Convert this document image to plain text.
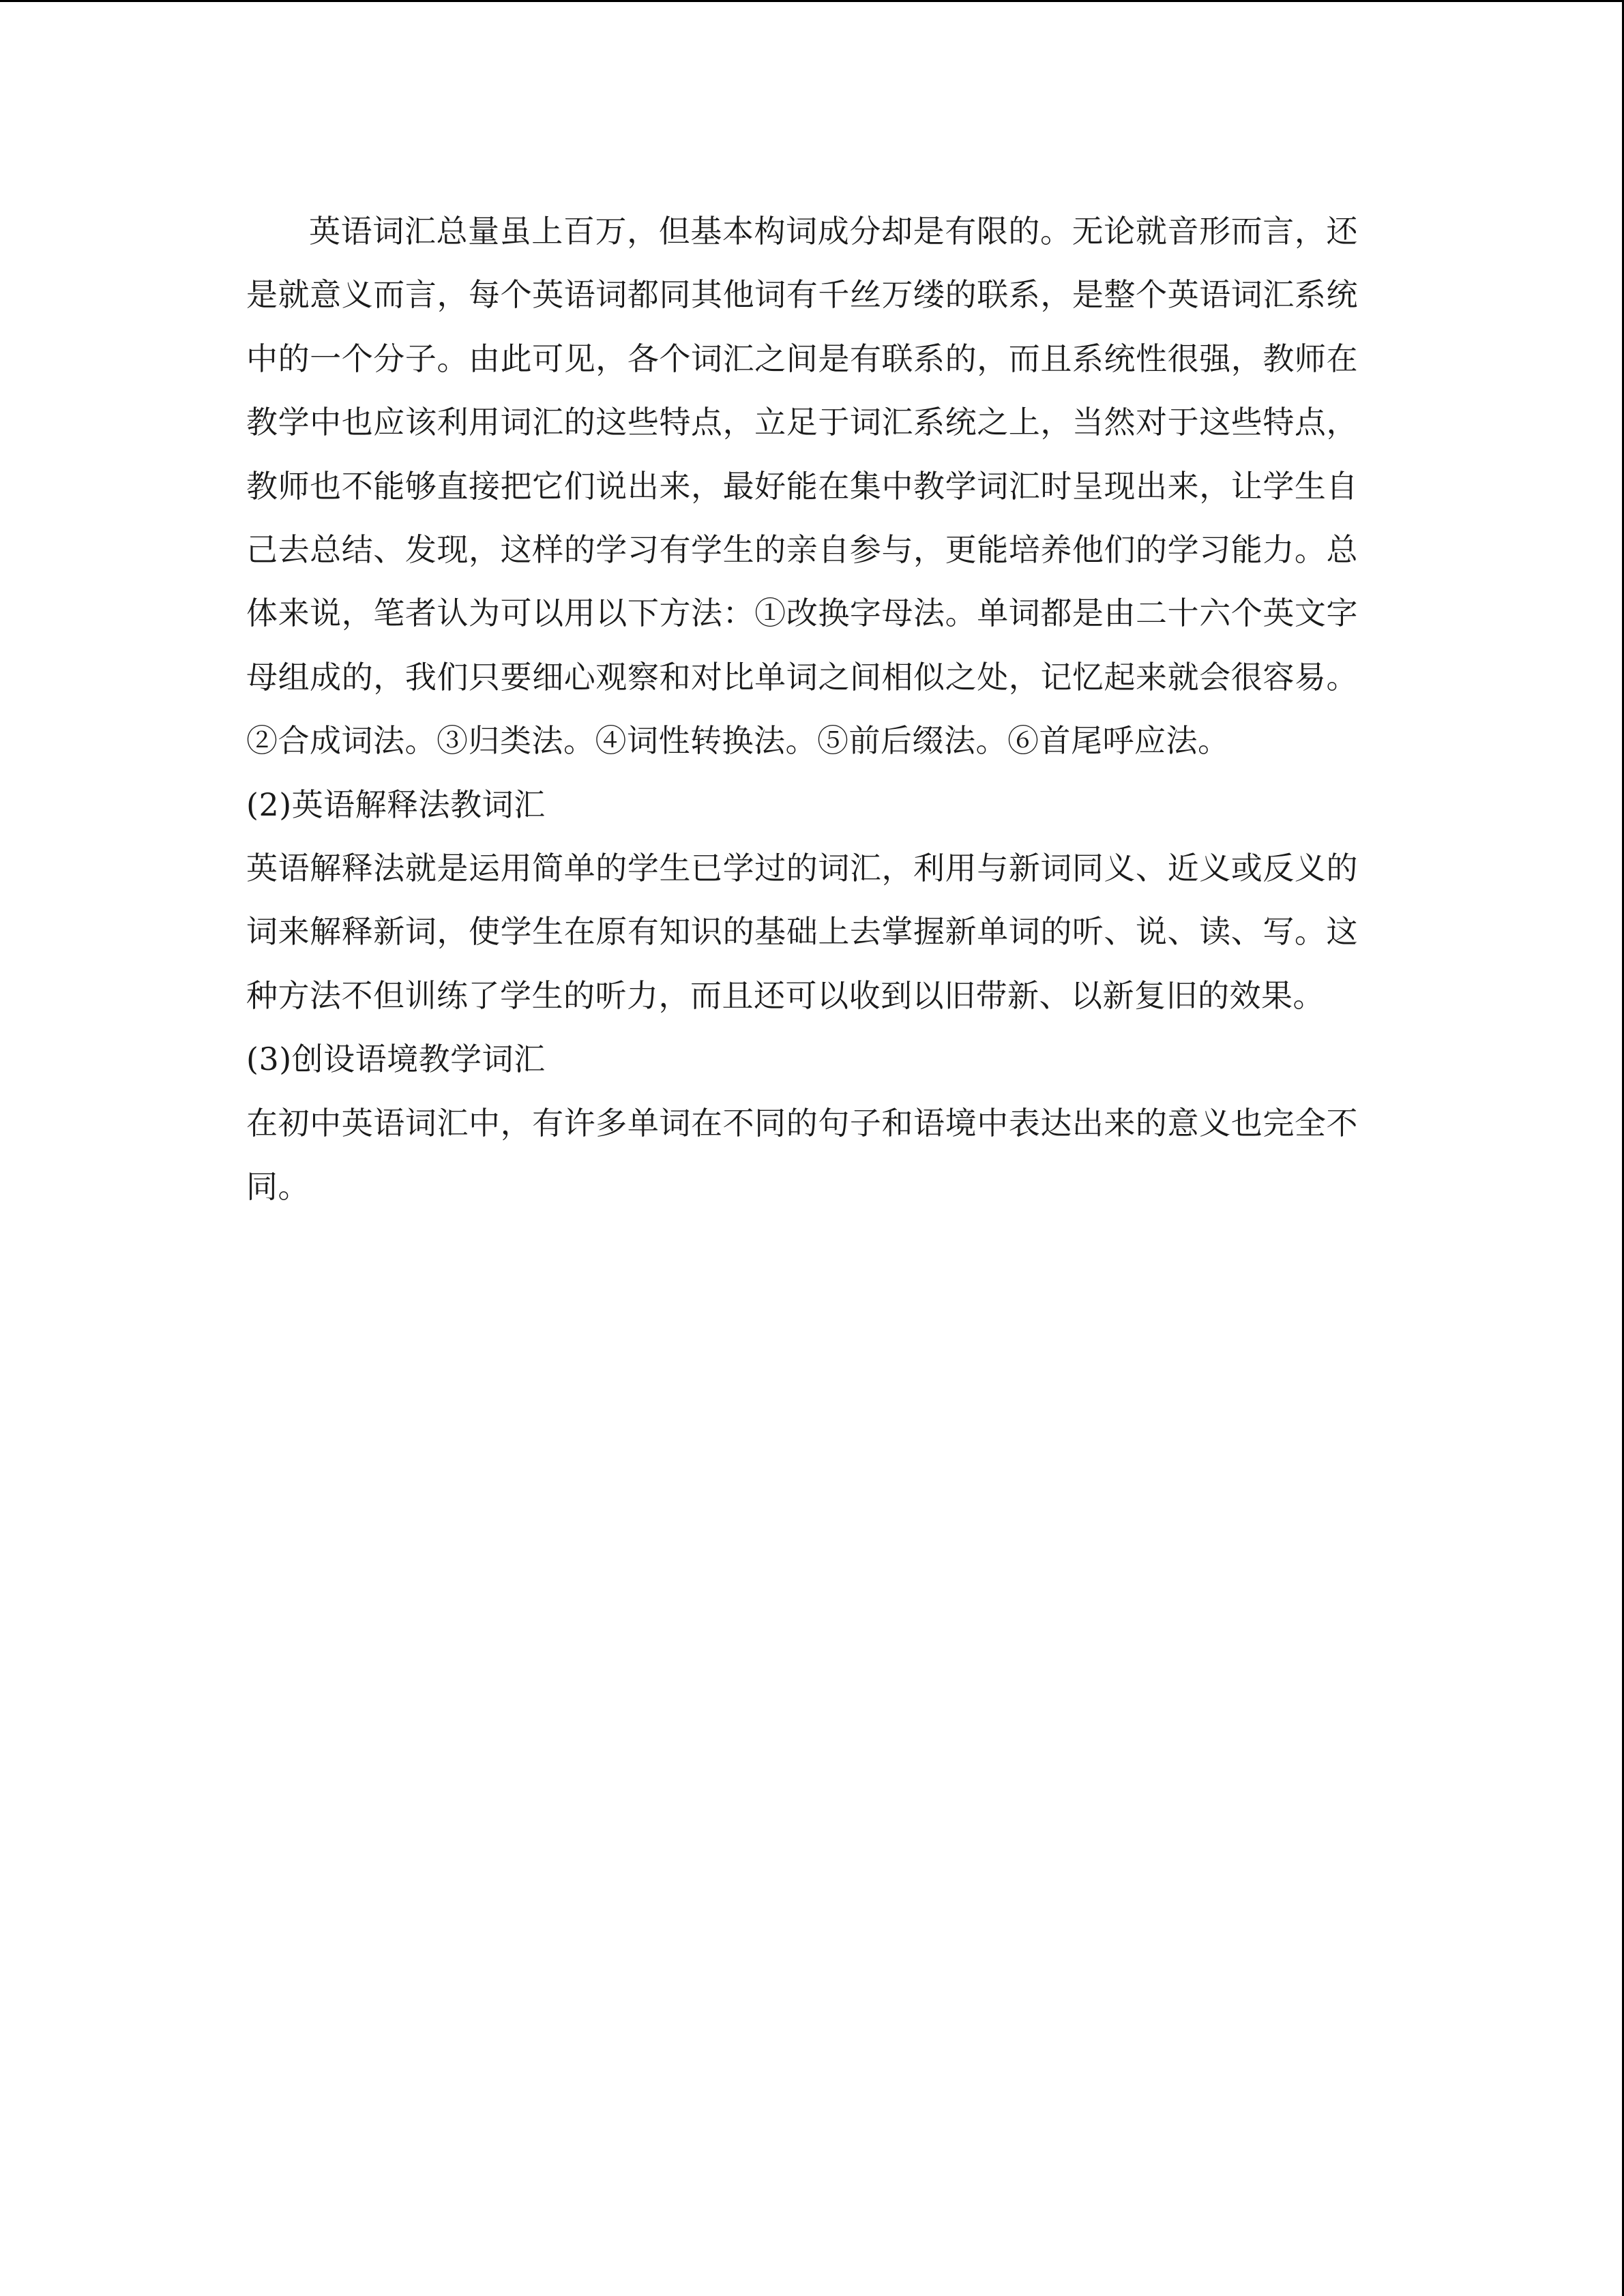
英语词汇总量虽上百万，但基本构词成分却是有限的。无论就音形而言，还是就意义而言，每个英语词都同其他词有千丝万缕的联系，是整个英语词汇系统中的一个分子。由此可见，各个词汇之间是有联系的，而且系统性很强，教师在教学中也应该利用词汇的这些特点，立足于词汇系统之上，当然对于这些特点，教师也不能够直接把它们说出来，最好能在集中教学词汇时呈现出来，让学生自己去总结、发现，这样的学习有学生的亲自参与，更能培养他们的学习能力。总体来说，笔者认为可以用以下方法：①改换字母法。单词都是由二十六个英文字母组成的，我们只要细心观察和对比单词之间相似之处，记忆起来就会很容易。②合成词法。③归类法。④词性转换法。⑤前后缀法。⑥首尾呼应法。

(2)英语解释法教词汇

英语解释法就是运用简单的学生已学过的词汇，利用与新词同义、近义或反义的词来解释新词，使学生在原有知识的基础上去掌握新单词的听、说、读、写。这种方法不但训练了学生的听力，而且还可以收到以旧带新、以新复旧的效果。

(3)创设语境教学词汇

在初中英语词汇中，有许多单词在不同的句子和语境中表达出来的意义也完全不同。
